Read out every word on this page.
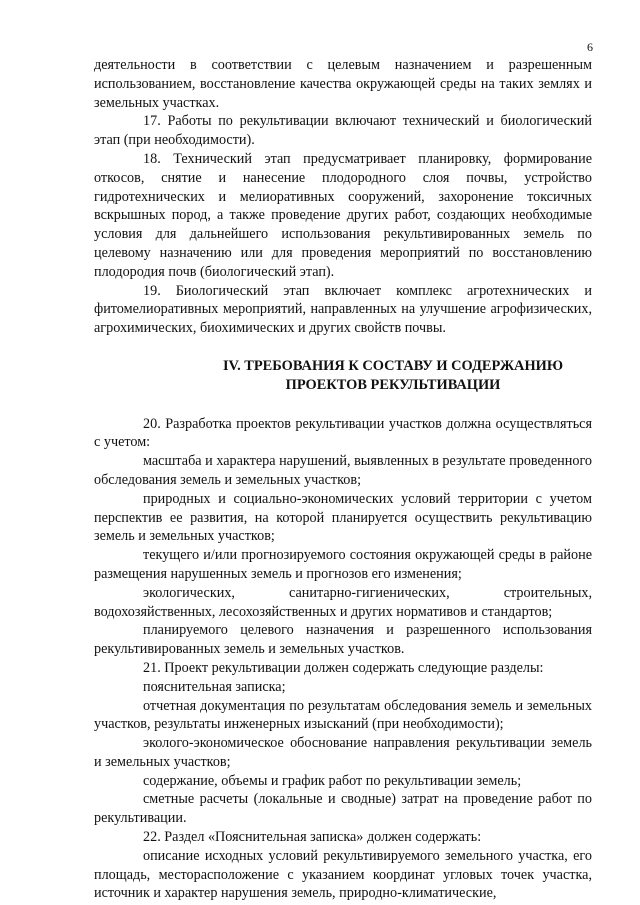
6

деятельности в соответствии с целевым назначением и разрешенным использованием, восстановление качества окружающей среды на таких землях и земельных участках.

17. Работы по рекультивации включают технический и биологический этап (при необходимости).

18. Технический этап предусматривает планировку, формирование откосов, снятие и нанесение плодородного слоя почвы, устройство гидротехнических и мелиоративных сооружений, захоронение токсичных вскрышных пород, а также проведение других работ, создающих необходимые условия для дальнейшего использования рекультивированных земель по целевому назначению или для проведения мероприятий по восстановлению плодородия почв (биологический этап).

19. Биологический этап включает комплекс агротехнических и фитомелиоративных мероприятий, направленных на улучшение агрофизических, агрохимических, биохимических и других свойств почвы.

IV. ТРЕБОВАНИЯ К СОСТАВУ И СОДЕРЖАНИЮ
ПРОЕКТОВ РЕКУЛЬТИВАЦИИ

20. Разработка проектов рекультивации участков должна осуществляться с учетом:

масштаба и характера нарушений, выявленных в результате проведенного обследования земель и земельных участков;

природных и социально-экономических условий территории с учетом перспектив ее развития, на которой планируется осуществить рекультивацию земель и земельных участков;

текущего и/или прогнозируемого состояния окружающей среды в районе размещения нарушенных земель и прогнозов его изменения;

экологических, санитарно-гигиенических, строительных, водохозяйственных, лесохозяйственных и других нормативов и стандартов;

планируемого целевого назначения и разрешенного использования рекультивированных земель и земельных участков.

21. Проект рекультивации должен содержать следующие разделы:

пояснительная записка;

отчетная документация по результатам обследования земель и земельных участков, результаты инженерных изысканий (при необходимости);

эколого-экономическое обоснование направления рекультивации земель и земельных участков;

содержание, объемы и график работ по рекультивации земель;

сметные расчеты (локальные и сводные) затрат на проведение работ по рекультивации.

22. Раздел «Пояснительная записка» должен содержать:

описание исходных условий рекультивируемого земельного участка, его площадь, месторасположение с указанием координат угловых точек участка, источник и характер нарушения земель, природно-климатические,
